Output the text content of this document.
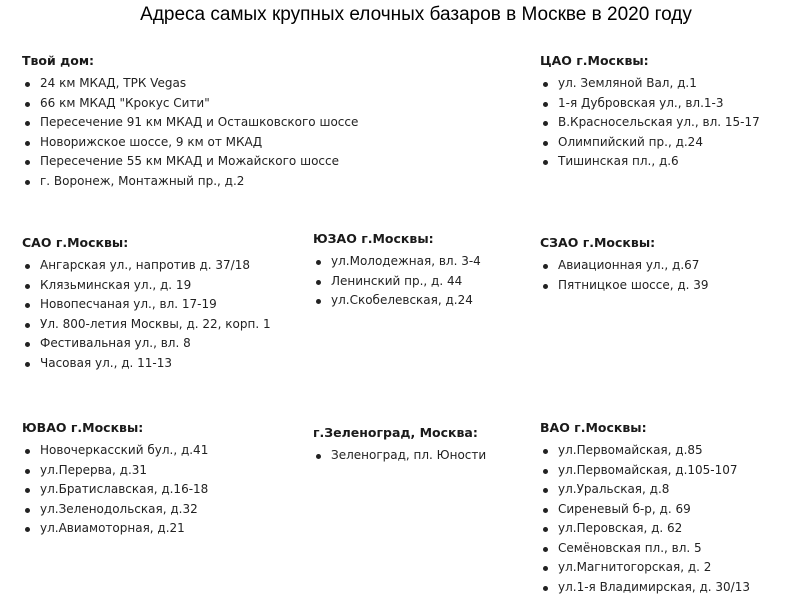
Адреса самых крупных елочных базаров в Москве в 2020 году
Твой дом:
24 км МКАД, ТРК Vegas
66 км МКАД "Крокус Сити"
Пересечение 91 км МКАД и Осташковского шоссе
Новорижское шоссе, 9 км от МКАД
Пересечение 55 км МКАД и Можайского шоссе
г. Воронеж, Монтажный пр., д.2
ЦАО г.Москвы:
ул. Земляной Вал, д.1
1-я Дубровская ул., вл.1-3
В.Красносельская ул., вл. 15-17
Олимпийский пр., д.24
Тишинская пл., д.6
САО г.Москвы:
Ангарская ул., напротив д. 37/18
Клязьминская ул., д. 19
Новопесчаная ул., вл. 17-19
Ул. 800-летия Москвы, д. 22, корп. 1
Фестивальная ул., вл. 8
Часовая ул., д. 11-13
ЮЗАО г.Москвы:
ул.Молодежная, вл. 3-4
Ленинский пр., д. 44
ул.Скобелевская, д.24
СЗАО г.Москвы:
Авиационная ул., д.67
Пятницкое шоссе, д. 39
ЮВАО г.Москвы:
Новочеркасский бул., д.41
ул.Перерва, д.31
ул.Братиславская, д.16-18
ул.Зеленодольская, д.32
ул.Авиамоторная, д.21
г.Зеленоград, Москва:
Зеленоград, пл. Юности
ВАО г.Москвы:
ул.Первомайская, д.85
ул.Первомайская, д.105-107
ул.Уральская, д.8
Сиреневый б-р, д. 69
ул.Перовская, д. 62
Семёновская пл., вл. 5
ул.Магнитогорская, д. 2
ул.1-я Владимирская, д. 30/13
